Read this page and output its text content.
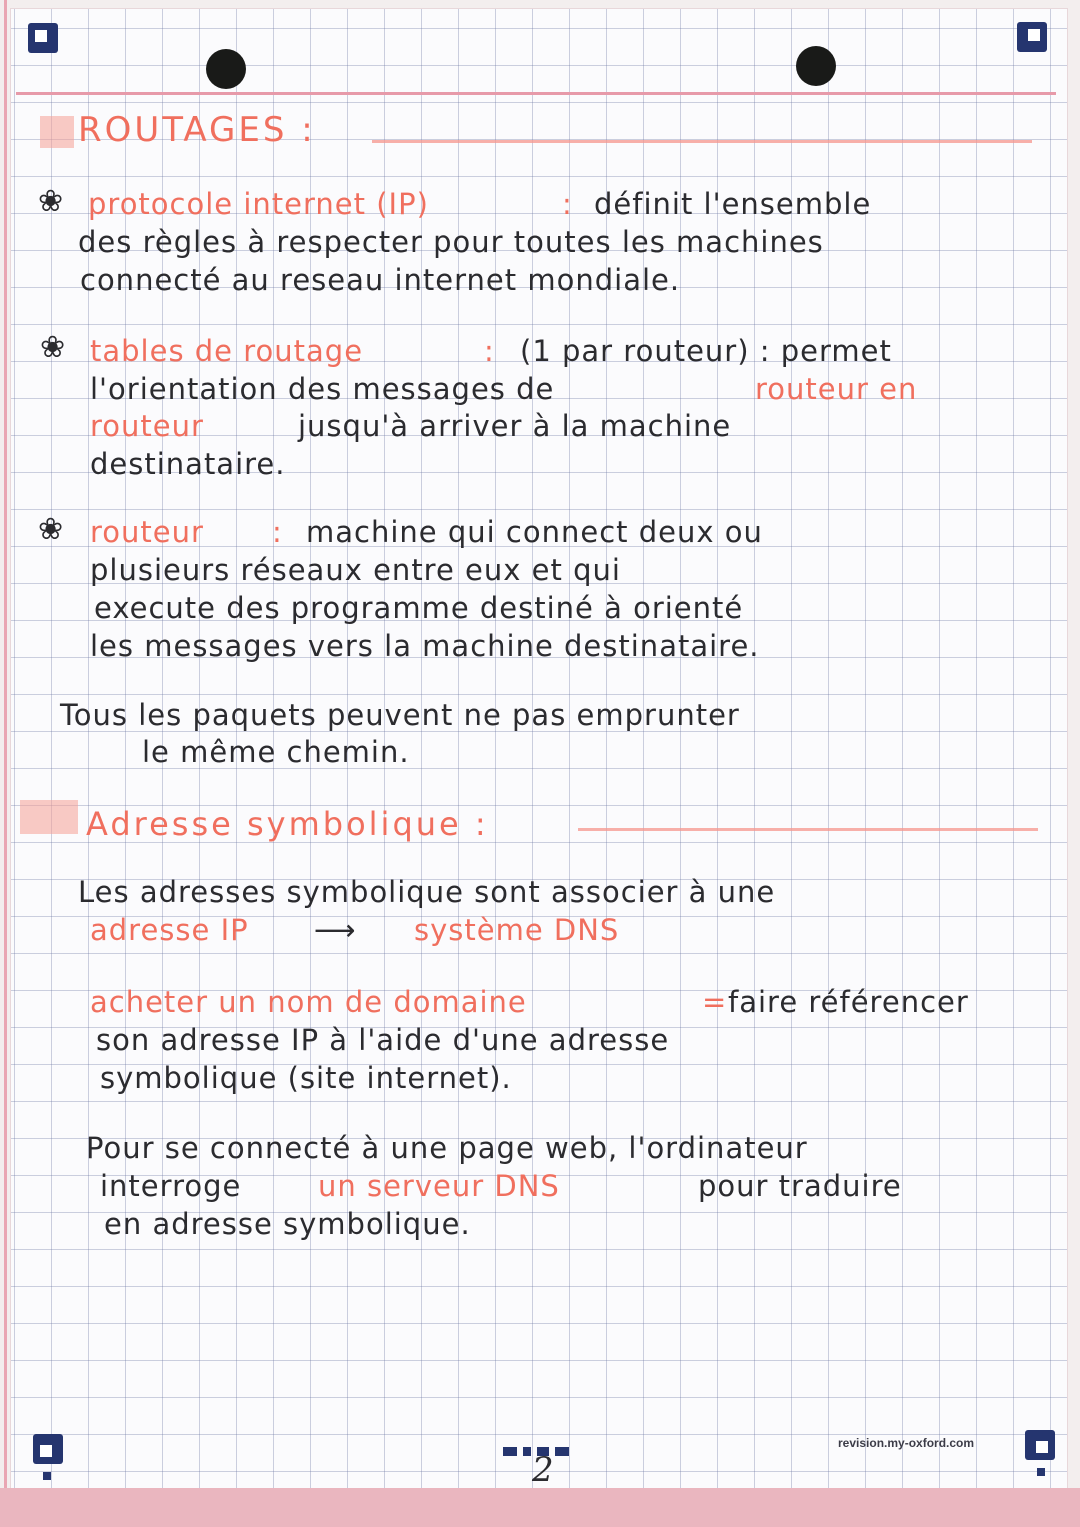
ROUTAGES :
❀ protocole internet (IP)	: définit l'ensemble
des règles à respecter pour toutes les machines
connecté au reseau internet mondiale.
❀ tables de routage	: (1 par routeur) : permet
l'orientation des messages de	routeur en
routeur	jusqu'à arriver à la machine
destinataire.
❀ routeur : machine qui connect deux ou
plusieurs réseaux entre eux et qui
execute des programme destiné à orienté
les messages vers la machine destinataire.
Tous les paquets peuvent ne pas emprunter
le même chemin.
Adresse symbolique :
Les adresses symbolique sont associer à une
adresse IP ⟶ système DNS
acheter un nom de domaine	= faire référencer
son adresse IP à l'aide d'une adresse
symbolique (site internet).
Pour se connecté à une page web, l'ordinateur
interroge	un serveur DNS	pour traduire
en adresse symbolique.
2
revision.my-oxford.com
